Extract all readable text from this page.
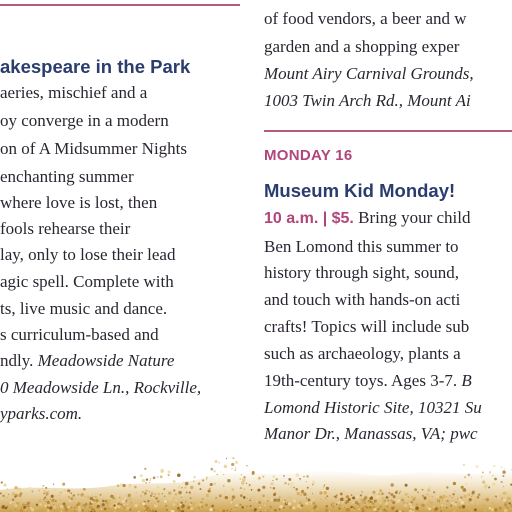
akespeare in the Park
aeries, mischief and a
oy converge in a modern
on of A Midsummer Nights
enchanting summer
where love is lost, then
fools rehearse their
lay, only to lose their lead
agic spell. Complete with
ts, live music and dance.
s curriculum-based and
ndly. Meadowside Nature
0 Meadowside Ln., Rockville,
yparks.com.
of food vendors, a beer and w
garden and a shopping exper
Mount Airy Carnival Grounds,
1003 Twin Arch Rd., Mount Ai
MONDAY 16
Museum Kid Monday!
10 a.m. | $5. Bring your child
Ben Lomond this summer to
history through sight, sound,
and touch with hands-on acti
crafts! Topics will include sub
such as archaeology, plants a
19th-century toys. Ages 3-7. B
Lomond Historic Site, 10321 Su
Manor Dr., Manassas, VA; pwc
